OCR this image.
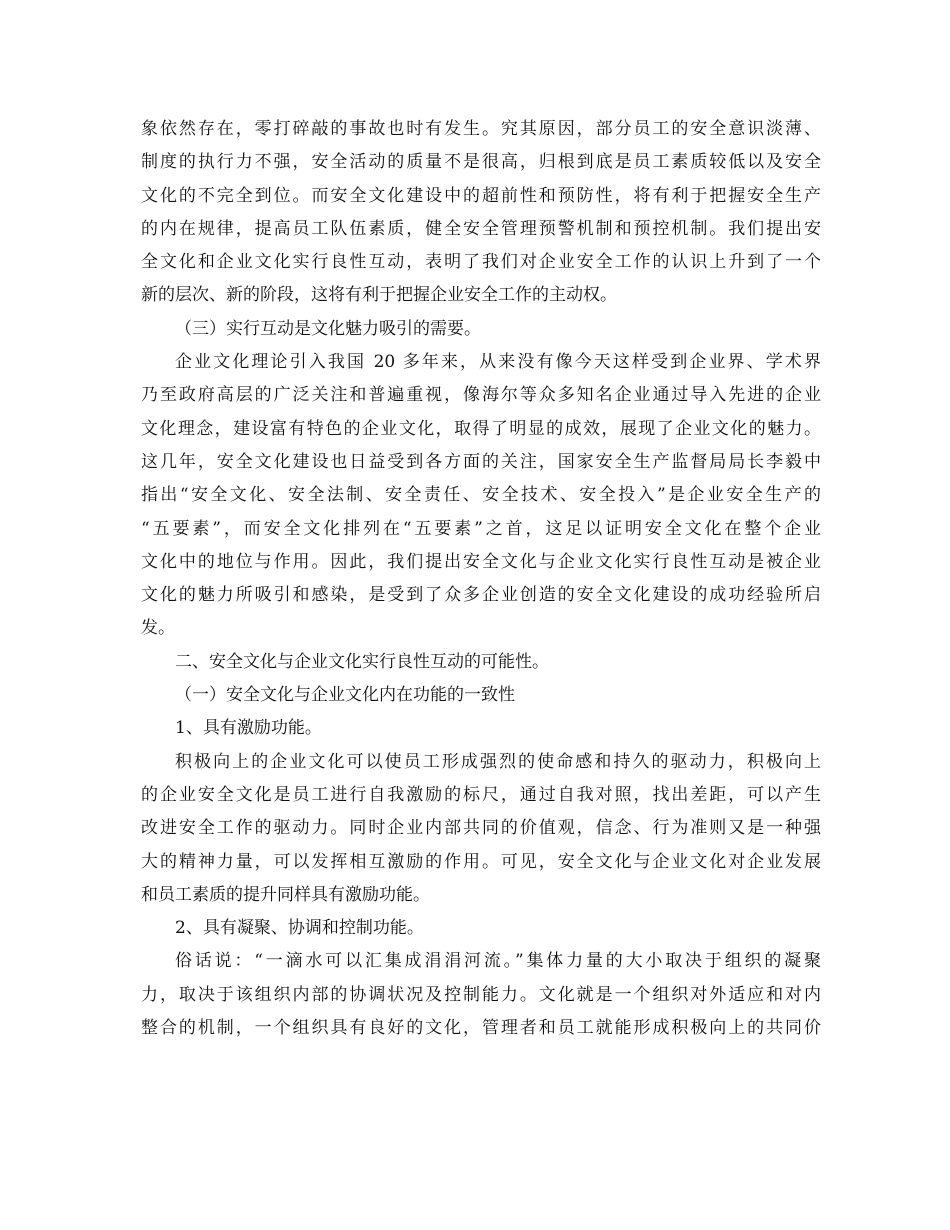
象依然存在，零打碎敲的事故也时有发生。究其原因，部分员工的安全意识淡薄、
制度的执行力不强，安全活动的质量不是很高，归根到底是员工素质较低以及安全
文化的不完全到位。而安全文化建设中的超前性和预防性，将有利于把握安全生产
的内在规律，提高员工队伍素质，健全安全管理预警机制和预控机制。我们提出安
全文化和企业文化实行良性互动，表明了我们对企业安全工作的认识上升到了一个
新的层次、新的阶段，这将有利于把握企业安全工作的主动权。
（三）实行互动是文化魅力吸引的需要。
企业文化理论引入我国 20 多年来，从来没有像今天这样受到企业界、学术界
乃至政府高层的广泛关注和普遍重视，像海尔等众多知名企业通过导入先进的企业
文化理念，建设富有特色的企业文化，取得了明显的成效，展现了企业文化的魅力。
这几年，安全文化建设也日益受到各方面的关注，国家安全生产监督局局长李毅中
指出“安全文化、安全法制、安全责任、安全技术、安全投入”是企业安全生产的
“五要素”，而安全文化排列在“五要素”之首，这足以证明安全文化在整个企业
文化中的地位与作用。因此，我们提出安全文化与企业文化实行良性互动是被企业
文化的魅力所吸引和感染，是受到了众多企业创造的安全文化建设的成功经验所启
发。
二、安全文化与企业文化实行良性互动的可能性。
（一）安全文化与企业文化内在功能的一致性
1、具有激励功能。
积极向上的企业文化可以使员工形成强烈的使命感和持久的驱动力，积极向上
的企业安全文化是员工进行自我激励的标尺，通过自我对照，找出差距，可以产生
改进安全工作的驱动力。同时企业内部共同的价值观，信念、行为准则又是一种强
大的精神力量，可以发挥相互激励的作用。可见，安全文化与企业文化对企业发展
和员工素质的提升同样具有激励功能。
2、具有凝聚、协调和控制功能。
俗话说：“一滴水可以汇集成涓涓河流。”集体力量的大小取决于组织的凝聚
力，取决于该组织内部的协调状况及控制能力。文化就是一个组织对外适应和对内
整合的机制，一个组织具有良好的文化，管理者和员工就能形成积极向上的共同价
